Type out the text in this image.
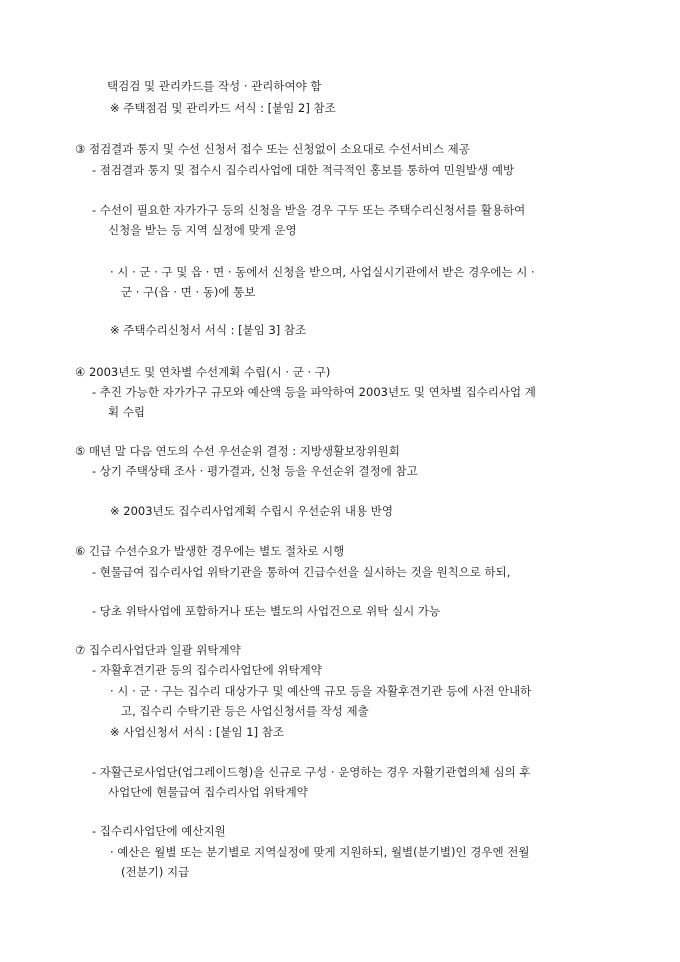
택검검 및 관리카드를 작성 · 관리하여야 함
※ 주택점검 및 관리카드 서식 : [붙임 2] 참조
③ 점검결과 통지 및 수선 신청서 접수 또는 신청없이 소요대로 수선서비스 제공
- 점검결과 통지 및 접수시 집수리사업에 대한 적극적인 홍보를 통하여 민원발생 예방
- 수선이 필요한 자가가구 등의 신청을 받을 경우 구두 또는 주택수리신청서를 활용하여
신청을 받는 등 지역 실정에 맞게 운영
· 시 · 군 · 구 및 읍 · 면 · 동에서 신청을 받으며, 사업실시기관에서 받은 경우에는 시 ·
군 · 구(읍 · 면 · 동)에 통보
※ 주택수리신청서 서식 : [붙임 3] 참조
④ 2003년도 및 연차별 수선계획 수립(시 · 군 · 구)
- 추진 가능한 자가가구 규모와 예산액 등을 파악하여 2003년도 및 연차별 집수리사업 계
획 수립
⑤ 매년 말 다음 연도의 수선 우선순위 결정 : 지방생활보장위원회
- 상기 주택상태 조사 · 평가결과, 신청 등을 우선순위 결정에 참고
※ 2003년도 집수리사업계획 수립시 우선순위 내용 반영
⑥ 긴급 수선수요가 발생한 경우에는 별도 절차로 시행
- 현물급여 집수리사업 위탁기관을 통하여 긴급수선을 실시하는 것을 원칙으로 하되,
- 당초 위탁사업에 포함하거나 또는 별도의 사업건으로 위탁 실시 가능
⑦ 집수리사업단과 일괄 위탁계약
- 자활후견기관 등의 집수리사업단에 위탁계약
· 시 · 군 · 구는 집수리 대상가구 및 예산액 규모 등을 자활후견기관 등에 사전 안내하
고, 집수리 수탁기관 등은 사업신청서를 작성 제출
※ 사업신청서 서식 : [붙임 1] 참조
- 자활근로사업단(업그레이드형)을 신규로 구성 · 운영하는 경우 자활기관협의체 심의 후
사업단에 현물급여 집수리사업 위탁계약
- 집수리사업단에 예산지원
· 예산은 월별 또는 분기별로 지역실정에 맞게 지원하되, 월별(분기별)인 경우엔 전월
(전분기) 지급
